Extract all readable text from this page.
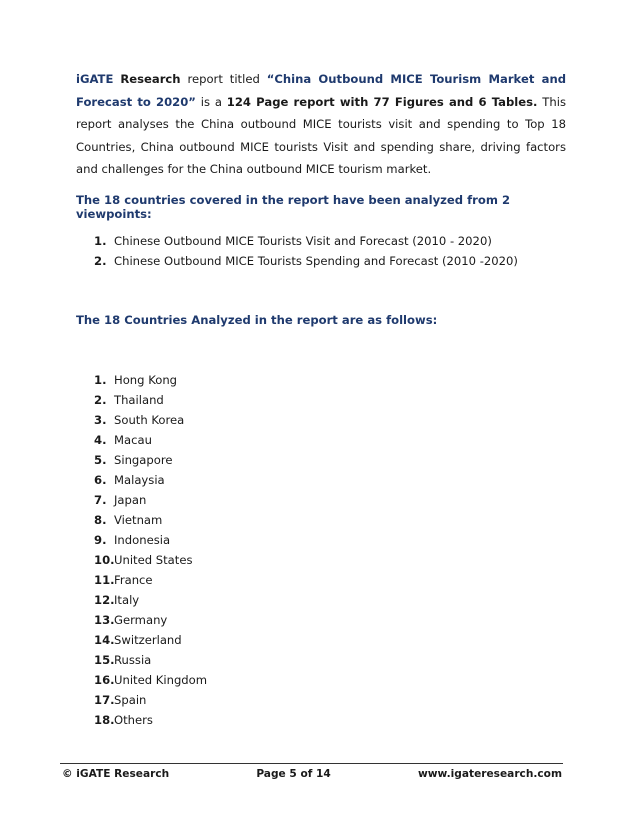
iGATE Research report titled “China Outbound MICE Tourism Market and Forecast to 2020” is a 124 Page report with 77 Figures and 6 Tables. This report analyses the China outbound MICE tourists visit and spending to Top 18 Countries, China outbound MICE tourists Visit and spending share, driving factors and challenges for the China outbound MICE tourism market.

The 18 countries covered in the report have been analyzed from 2 viewpoints:

1. Chinese Outbound MICE Tourists Visit and Forecast (2010 - 2020)
2. Chinese Outbound MICE Tourists Spending and Forecast (2010 -2020)

The 18 Countries Analyzed in the report are as follows:

1. Hong Kong
2. Thailand
3. South Korea
4. Macau
5. Singapore
6. Malaysia
7. Japan
8. Vietnam
9. Indonesia
10. United States
11. France
12. Italy
13. Germany
14. Switzerland
15. Russia
16. United Kingdom
17. Spain
18. Others
© iGATE Research	Page 5 of 14	www.igateresearch.com
